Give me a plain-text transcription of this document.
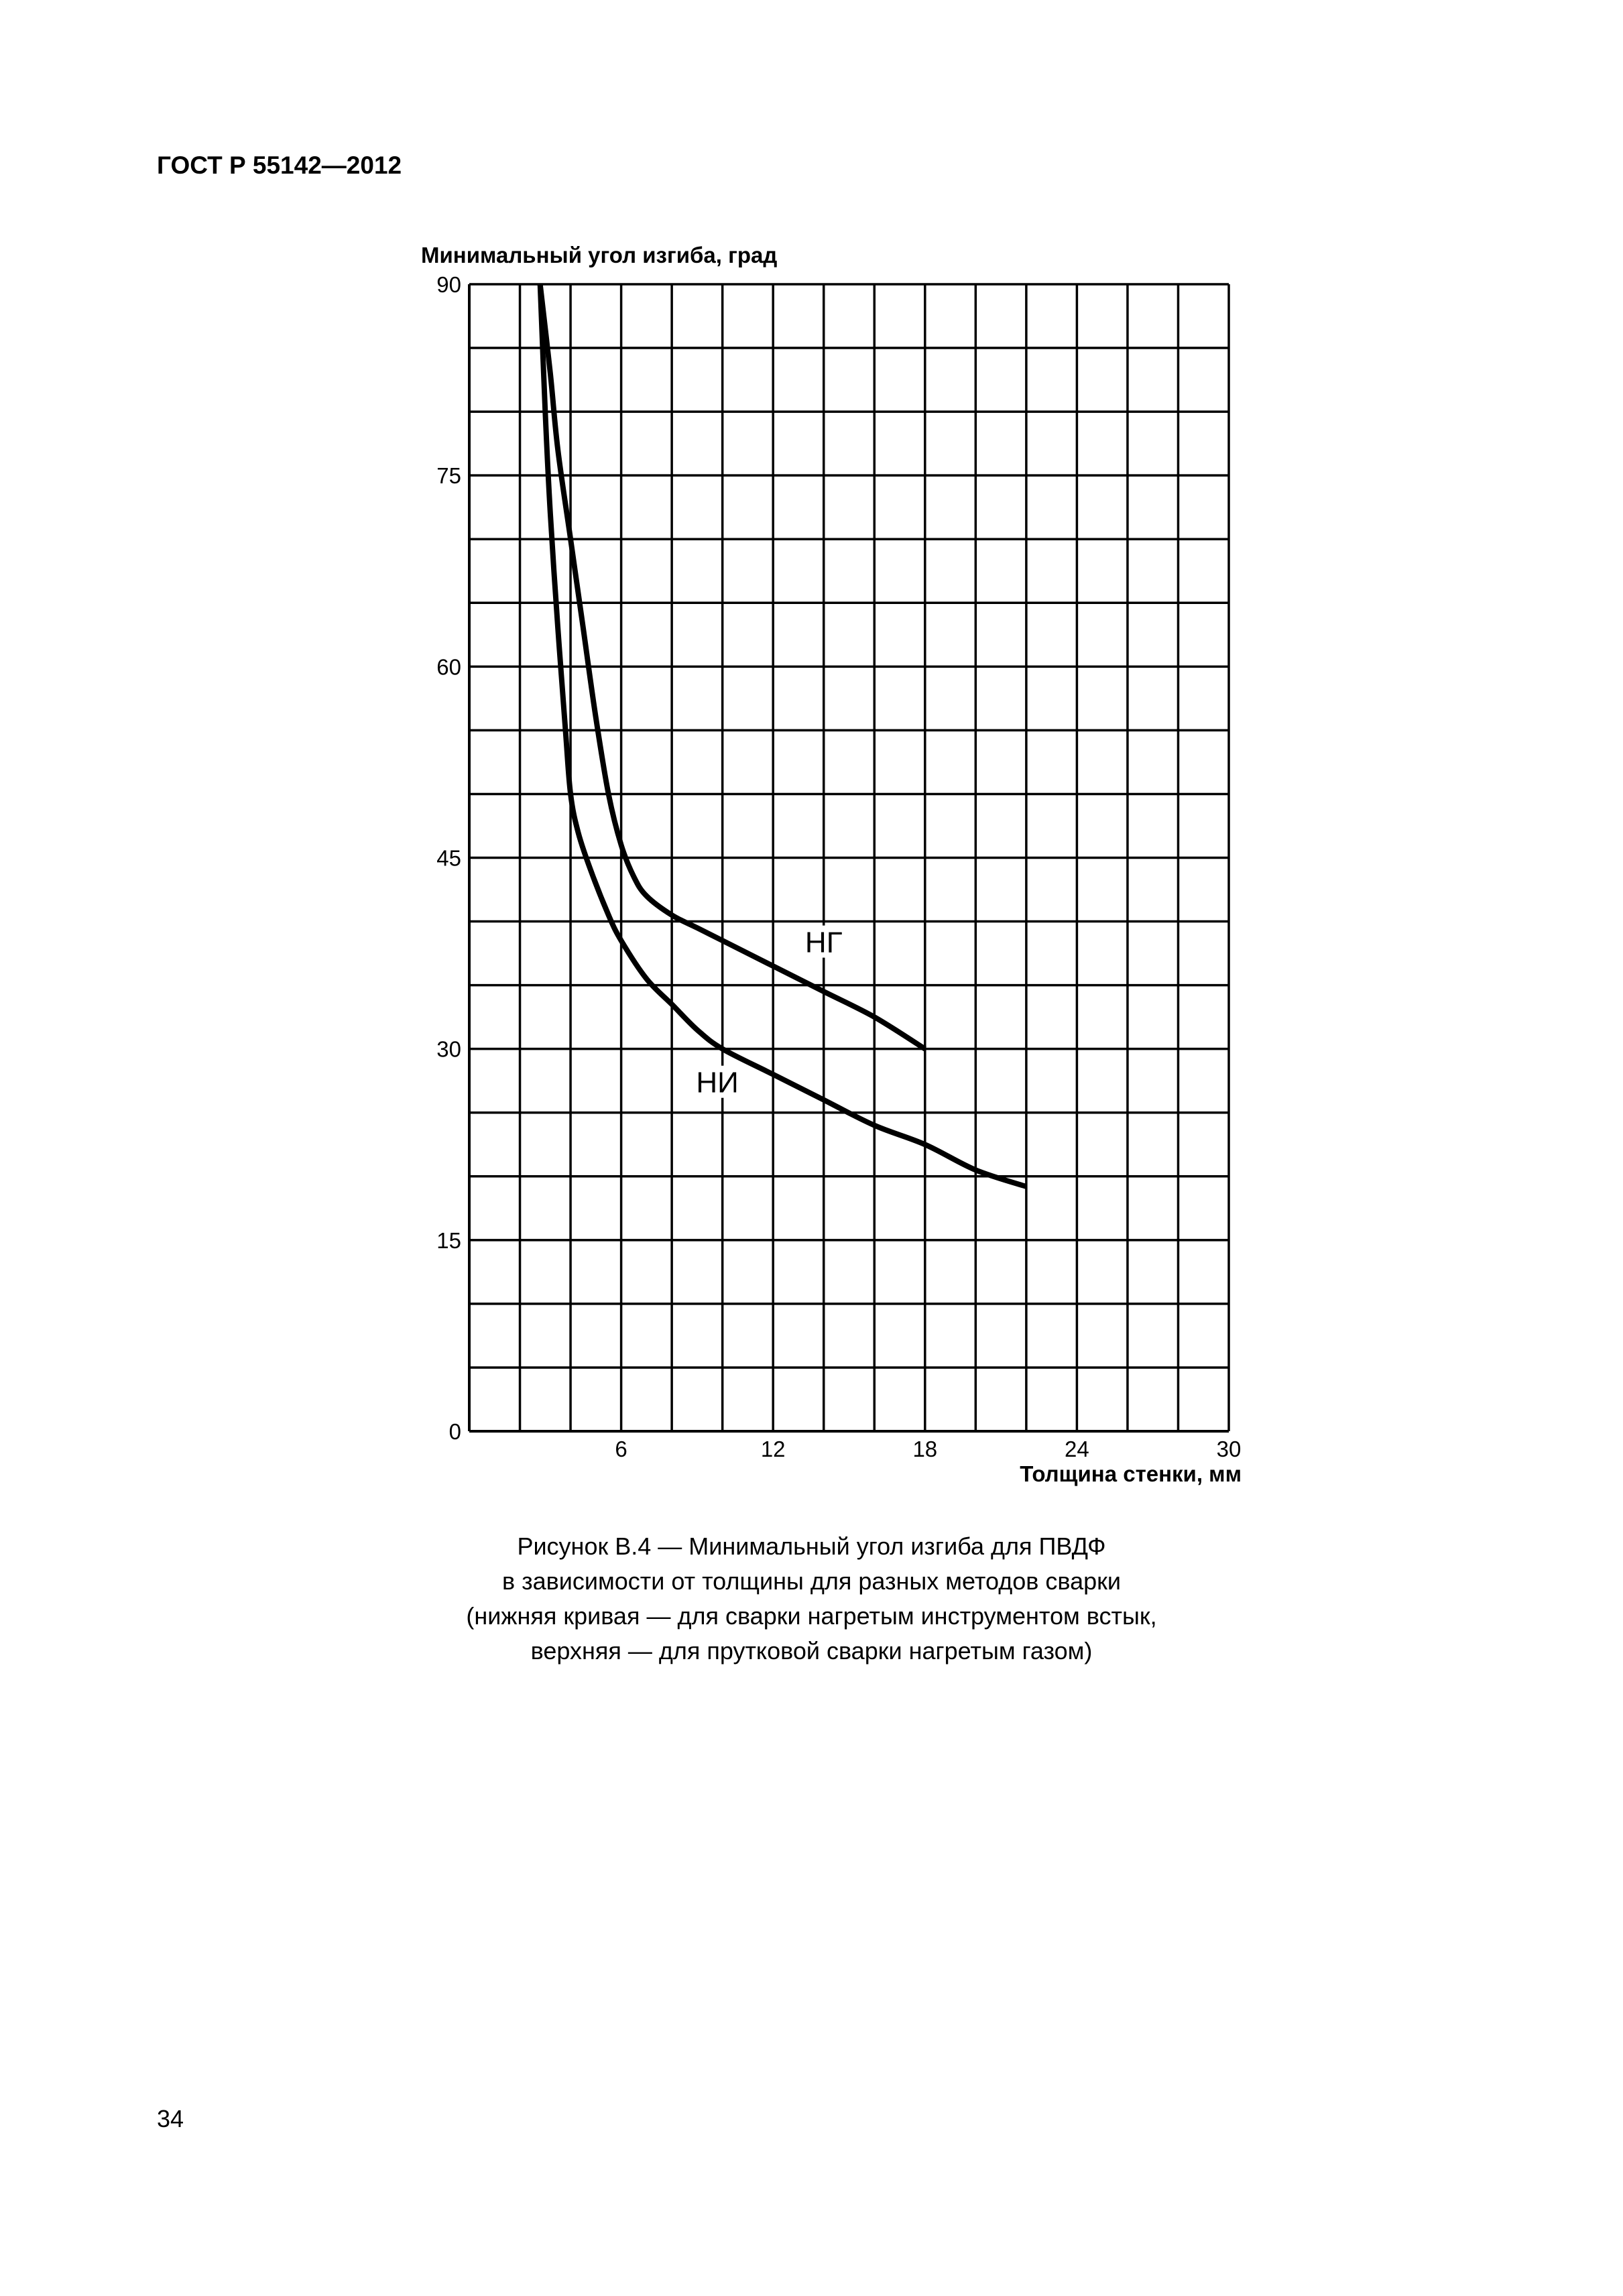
ГОСТ Р 55142—2012
НГ
НИ
0
15
30
45
60
75
90
6	12	18	24	30
Минимальный угол изгиба, град
Толщина стенки, мм
Рисунок В.4 — Минимальный угол изгиба для ПВДФ
в зависимости от толщины для разных методов сварки
(нижняя кривая — для сварки нагретым инструментом встык,
верхняя — для прутковой сварки нагретым газом)
34
